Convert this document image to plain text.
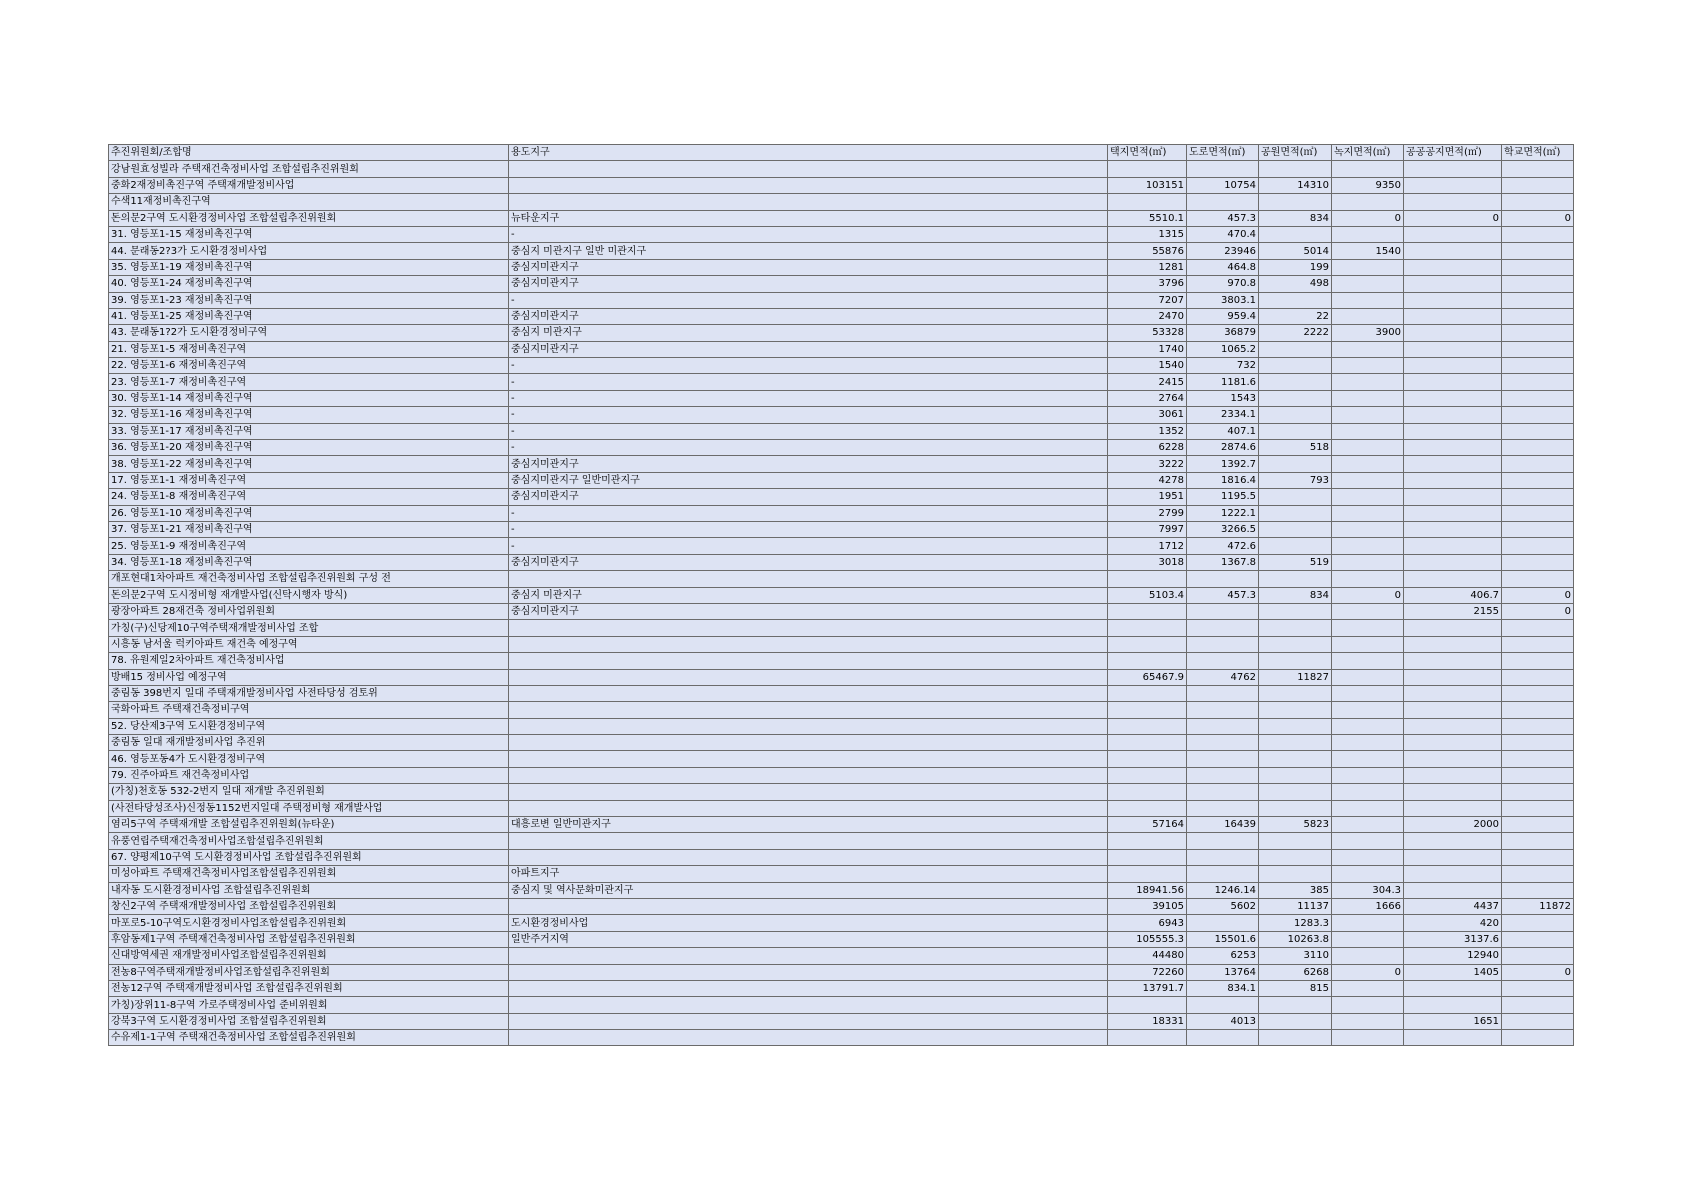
추진위원회/조합명	용도지구	택지면적(㎡)	도로면적(㎡)	공원면적(㎡)	녹지면적(㎡)	공공공지면적(㎡)	학교면적(㎡)
강남원효성빌라 주택재건축정비사업 조합설립추진위원회							
중화2재정비촉진구역 주택재개발정비사업		103151	10754	14310	9350		
수색11재정비촉진구역							
돈의문2구역 도시환경정비사업 조합설립추진위원회	뉴타운지구	5510.1	457.3	834	0	0	0
31. 영등포1-15 재정비촉진구역	-	1315	470.4				
44. 문래동2?3가 도시환경정비사업	중심지 미관지구 일반 미관지구	55876	23946	5014	1540		
35. 영등포1-19 재정비촉진구역	중심지미관지구	1281	464.8	199			
40. 영등포1-24 재정비촉진구역	중심지미관지구	3796	970.8	498			
39. 영등포1-23 재정비촉진구역	-	7207	3803.1				
41. 영등포1-25 재정비촉진구역	중심지미관지구	2470	959.4	22			
43. 문래동1?2가 도시환경정비구역	중심지 미관지구	53328	36879	2222	3900		
21. 영등포1-5 재정비촉진구역	중심지미관지구	1740	1065.2				
22. 영등포1-6 재정비촉진구역	-	1540	732				
23. 영등포1-7 재정비촉진구역	-	2415	1181.6				
30. 영등포1-14 재정비촉진구역	-	2764	1543				
32. 영등포1-16 재정비촉진구역	-	3061	2334.1				
33. 영등포1-17 재정비촉진구역	-	1352	407.1				
36. 영등포1-20 재정비촉진구역	-	6228	2874.6	518			
38. 영등포1-22 재정비촉진구역	중심지미관지구	3222	1392.7				
17. 영등포1-1 재정비촉진구역	중심지미관지구 일반미관지구	4278	1816.4	793			
24. 영등포1-8 재정비촉진구역	중심지미관지구	1951	1195.5				
26. 영등포1-10 재정비촉진구역	-	2799	1222.1				
37. 영등포1-21 재정비촉진구역	-	7997	3266.5				
25. 영등포1-9 재정비촉진구역	-	1712	472.6				
34. 영등포1-18 재정비촉진구역	중심지미관지구	3018	1367.8	519			
개포현대1차아파트 재건축정비사업 조합설립추진위원회 구성 전							
돈의문2구역 도시정비형 재개발사업(신탁시행자 방식)	중심지 미관지구	5103.4	457.3	834	0	406.7	0
광장아파트 28재건축 정비사업위원회	중심지미관지구					2155	0
가칭(구)신당제10구역주택재개발정비사업 조합							
시흥동 남서울 럭키아파트 재건축 예정구역							
78. 유원제일2차아파트 재건축정비사업							
방배15 정비사업 예정구역		65467.9	4762	11827			
중림동 398번지 일대 주택재개발정비사업 사전타당성 검토위							
국화아파트 주택재건축정비구역							
52. 당산제3구역 도시환경정비구역							
중림동 일대 재개발정비사업 추진위							
46. 영등포동4가 도시환경정비구역							
79. 진주아파트 재건축정비사업							
(가칭)천호동 532-2번지 일대 재개발 추진위원회							
(사전타당성조사)신정동1152번지일대 주택정비형 재개발사업							
염리5구역 주택재개발 조합설립추진위원회(뉴타운)	대흥로변 일반미관지구	57164	16439	5823		2000	
유풍연립주택재건축정비사업조합설립추진위원회							
67. 양평제10구역 도시환경정비사업 조합설립추진위원회							
미성아파트 주택재건축정비사업조합설립추진위원회	아파트지구						
내자동 도시환경정비사업 조합설립추진위원회	중심지 및 역사문화미관지구	18941.56	1246.14	385	304.3		
창신2구역 주택재개발정비사업 조합설립추진위원회		39105	5602	11137	1666	4437	11872
마포로5-10구역도시환경정비사업조합설립추진위원회	도시환경정비사업	6943		1283.3		420	
후암동제1구역 주택재건축정비사업 조합설립추진위원회	일반주거지역	105555.3	15501.6	10263.8		3137.6	
신대방역세권 재개발정비사업조합설립추진위원회		44480	6253	3110		12940	
전농8구역주택재개발정비사업조합설립추진위원회		72260	13764	6268	0	1405	0
전농12구역 주택재개발정비사업 조합설립추진위원회		13791.7	834.1	815			
가칭)장위11-8구역 가로주택정비사업 준비위원회							
강북3구역 도시환경정비사업 조합설립추진위원회		18331	4013			1651	
수유제1-1구역 주택재건축정비사업 조합설립추진위원회							
